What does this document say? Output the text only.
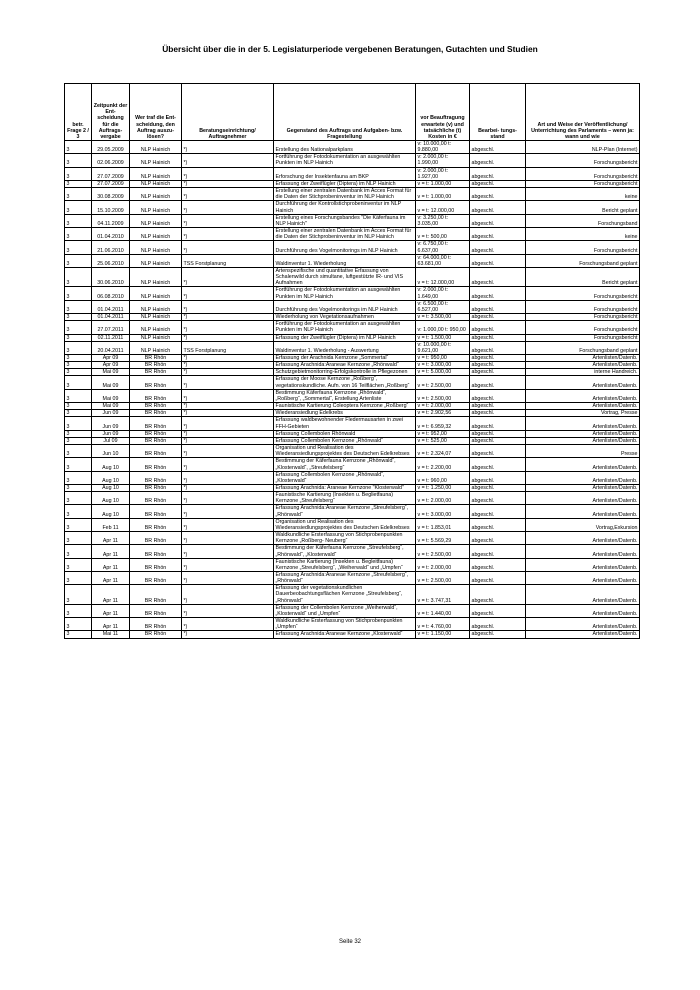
Übersicht über die in der 5. Legislaturperiode vergebenen Beratungen, Gutachten und Studien
betr. Frage 2 / 3	Zeitpunkt der Ent- scheidung für die Auftrags- vergabe	Wer traf die Ent- scheidung, den Auftrag auszu- lösen?	Beratungseinrichtung/ Auftragnehmer	Gegenstand des Auftrags und Aufgaben- bzw. Fragestellung	vor Beauftragung erwartete (v) und tatsächliche (t) Kosten in €	Bearbei- tungs- stand	Art und Weise der Veröffentlichung/ Unterrichtung des Parlaments – wenn ja: wann und wie
3	29.05.2009	NLP Hainich	*)	Erstellung des Nationalparkplans	v: 10.000,00 t: 9.880,00	abgeschl.	NLP-Plan (Internet)
3	02.06.2009	NLP Hainich	*)	Fortführung der Fotodokumentation an ausgewählten Punkten im NLP Hainich	v: 2.000,00 t: 1.990,00	abgeschl.	Forschungsbericht
3	27.07.2009	NLP Hainich	*)	Erforschung der Insektenfauna am BKP	v: 2.000,00 t: 1.927,00	abgeschl.	Forschungsbericht
3	27.07.2009	NLP Hainich	*)	Erfassung der Zweiflügler (Diptera) im NLP Hainich	v = t: 1.000,00	abgeschl.	Forschungsbericht
3	30.08.2009	NLP Hainich	*)	Erstellung einer zentralen Datenbank im Acces Format für die Daten der Stichprobeninventur im NLP Hainich	v = t: 1.000,00	abgeschl.	keine
3	15.10.2009	NLP Hainich	*)	Durchführung der Kontrollstichprobeninventur im NLP Hainich	v = t: 12.000,00	abgeschl.	Bericht geplant
3	04.11.2009	NLP Hainich	*)	Erstellung eines Forschungsbandes "Die Käferfauna im NLP Hainich"	v: 3.250,00 t: 3.035,00	abgeschl.	Forschungsband
3	01.04.2010	NLP Hainich	*)	Erstellung einer zentralen Datenbank im Acces Format für die Daten der Stichprobeninventur im NLP Hainich	v = t: 500,00	abgeschl.	keine
3	21.06.2010	NLP Hainich	*)	Durchführung des Vogelmonitorings im NLP Hainich	v: 6.750,00 t: 6.637,00	abgeschl.	Forschungsbericht
3	25.06.2010	NLP Hainich	TSS Forstplanung	Waldinventur 1. Wiederholung	v: 64.000,00 t: 63.681,00	abgeschl.	Forschungsband geplant
3	30.06.2010	NLP Hainich	*)	Artenspezifische und quantitative Erfassung von Schalenwild durch simultane, luftgestützte IR- und VIS Aufnahmen	v = t: 12.000,00	abgeschl.	Bericht geplant
3	06.08.2010	NLP Hainich	*)	Fortführung der Fotodokumentation an ausgewählten Punkten im NLP Hainich	v: 2.000,00 t: 1.649,00	abgeschl.	Forschungsbericht
3	01.04.2011	NLP Hainich	*)	Durchführung des Vogelmonitorings im NLP Hainich	v: 6.500,00 t: 6.527,00	abgeschl.	Forschungsbericht
3	01.04.2011	NLP Hainich	*)	Wiederholung von Vegetationsaufnahmen	v = t: 3.500,00	abgeschl.	Forschungsbericht
3	27.07.2011	NLP Hainich	*)	Fortführung der Fotodokumentation an ausgewählten Punkten im NLP Hainich	v: 1.000,00 t: 950,00	abgeschl.	Forschungsbericht
3	02.11.2011	NLP Hainich	*)	Erfassung der Zweiflügler (Diptera) im NLP Hainich	v = t: 1.500,00	abgeschl.	Forschungsbericht
3	20.04.2011	NLP Hainich	TSS Forstplanung	Waldinventur 1. Wiederholung - Auswertung	v: 10.000,00 t: 9.621,00	abgeschl.	Forschungsband geplant
3	Apr 09	BR Rhön	*)	Erfassung der Arachnida Kernzone „Sommertal“	v = t: 950,00	abgeschl.	Artenlisten/Datenb.
3	Apr 09	BR Rhön	*)	Erfassung Arachnida:Araneae Kernzone „Rhönwald“	v = t: 3.000,00	abgeschl.	Artenlisten/Datenb.
3	Mai 09	BR Rhön	*)	Schutzgebietmonitorring-Erfolgskontrolle in Pflegezonen	v = t: 5.000,00	abgeschl.	interne Handreich.
3	Mai 09	BR Rhön	*)	Erfassung der Moose Kernzone „Roßberg“, vegetationskundliche. Aufn. von 16 Teilflächen „Roßberg“	v = t: 2.500,00	abgeschl.	Artenlisten/Datenb.
3	Mai 09	BR Rhön	*)	Bestimmung Käferfauna Kernzone „Rhönwald“, „Roßberg“, „Sommertal“, Erstellung Artenliste	v = t: 2.500,00	abgeschl.	Artenlisten/Datenb.
3	Mai 09	BR Rhön	*)	Faunistische Kartierung Coleoptera Kernzone „Roßberg“	v = t: 2.000,00	abgeschl.	Artenlisten/Datenb.
3	Jun 09	BR Rhön	*)	Wiederansiedlung Edelkrebs	v = t: 2.902,56	abgeschl.	Vortrag, Presse
3	Jun 09	BR Rhön	*)	Erfassung waldbewohnender Fledermausarten in zwei FFH-Gebieten	v = t: 6.959,32	abgeschl.	Artenlisten/Datenb.
3	Jun 09	BR Rhön	*)	Erfassung Collembolen Rhönwald	v = t: 952,00	abgeschl.	Artenlisten/Datenb.
3	Jul 09	BR Rhön	*)	Erfassung Collembolen Kernzone „Rhönwald“	v = t: 525,00	abgeschl.	Artenlisten/Datenb.
3	Jun 10	BR Rhön	*)	Organisation und Realisation des Wiederansiedlungsprojektes des Deutschen Edelkrebses	v = t: 2.324,07	abgeschl.	Presse
3	Aug 10	BR Rhön	*)	Bestimmung der Käferfauna Kernzone „Rhönwald“, „Klosterwald“, „Streufelsberg“	v = t: 2.200,00	abgeschl.	Artenlisten/Datenb.
3	Aug 10	BR Rhön	*)	Erfassung Collembolen Kernzone „Rhönwald“, „Klosterwald“	v = t: 960,00	abgeschl.	Artenlisten/Datenb.
3	Aug 10	BR Rhön	*)	Erfassung Arachnida: Araneae Kernzone "Klosterwald"	v = t: 1.250,00	abgeschl.	Artenlisten/Datenb.
3	Aug 10	BR Rhön	*)	Faunistische Kartierung (Insekten u. Beglietfauna) Kernzone „Streufelsberg“	v = t: 2.000,00	abgeschl.	Artenlisten/Datenb.
3	Aug 10	BR Rhön	*)	Erfassung Arachnida:Araneae Kernzone „Streufelsberg“, „Rhönwald“	v = t: 3.000,00	abgeschl.	Artenlisten/Datenb.
3	Feb 11	BR Rhön	*)	Organisation und Realisation des Wiederansiedlungsprojektes des Deutschen Edelkrebses	v = t: 1.853,01	abgeschl.	Vortrag,Exkursion
3	Apr 11	BR Rhön	*)	Waldkundliche Ersterfassung von Stichprobenpunkten Kernzone „Roßberg- Neuberg“	v = t: 5.569,29	abgeschl.	Artenlisten/Datenb.
3	Apr 11	BR Rhön	*)	Bestimmung der Käferfauna Kernzone „Streufelsberg“, „Rhönwald“, „Klosterwald“	v = t: 2.500,00	abgeschl.	Artenlisten/Datenb.
3	Apr 11	BR Rhön	*)	Faunistische Kartierung (Insekten u. Begleitfauna) Kernzone „Streufelsberg“, „Weiherwald“ und „Umpfen“	v = t: 2.000,00	abgeschl.	Artenlisten/Datenb.
3	Apr 11	BR Rhön	*)	Erfassung Arachnida:Araneae Kernzone „Streufelsberg“, „Rhönwald“	v = t: 2.500,00	abgeschl.	Artenlisten/Datenb.
3	Apr 11	BR Rhön	*)	Erfassung der vegetationskundlichen Dauerbeobachtungsflächen Kernzone „Streufelsberg“, „Rhönwald“	v = t: 3.747,31	abgeschl.	Artenlisten/Datenb.
3	Apr 11	BR Rhön	*)	Erfassung der Collembolen Kernzone „Weiherwald“, „Klosterwald“ und „Umpfen“	v = t: 1.440,00	abgeschl.	Artenlisten/Datenb.
3	Apr 11	BR Rhön	*)	Waldkundliche Ersterfassung von Stichprobenpunkten „Umpfen“	v = t: 4.760,00	abgeschl.	Artenlisten/Datenb.
3	Mai 11	BR Rhön	*)	Erfassung Arachnida:Araneae Kernzone „Klosterwald“	v = t: 1.150,00	abgeschl.	Artenlisten/Datenb.
Seite 32
